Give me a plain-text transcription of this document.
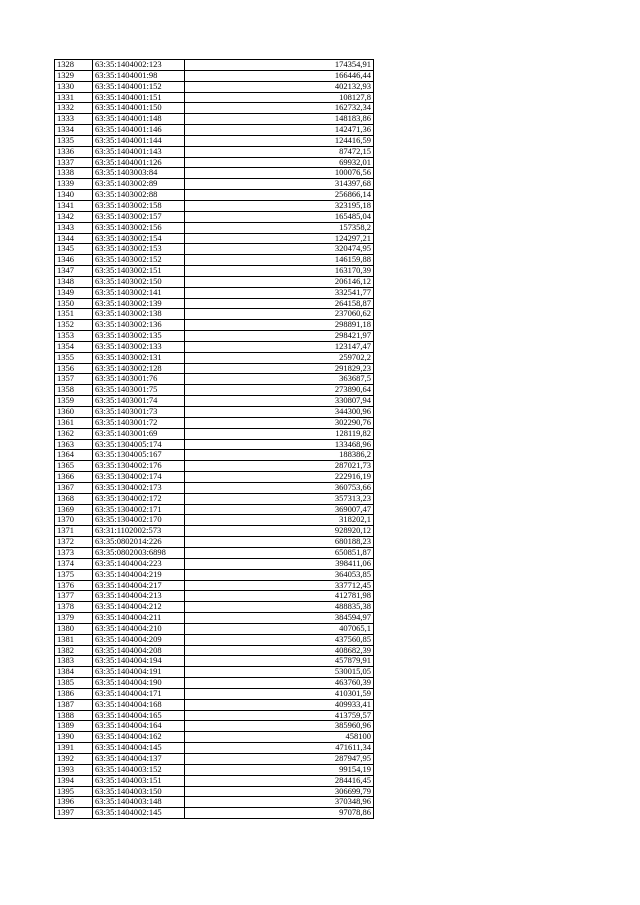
1328	63:35:1404002:123	174354,91
1329	63:35:1404001:98	166446,44
1330	63:35:1404001:152	402132,93
1331	63:35:1404001:151	108127,8
1332	63:35:1404001:150	162732,34
1333	63:35:1404001:148	148183,86
1334	63:35:1404001:146	142471,36
1335	63:35:1404001:144	124416,59
1336	63:35:1404001:143	87472,15
1337	63:35:1404001:126	69932,01
1338	63:35:1403003:84	100076,56
1339	63:35:1403002:89	314397,68
1340	63:35:1403002:88	256866,14
1341	63:35:1403002:158	323195,18
1342	63:35:1403002:157	165485,04
1343	63:35:1403002:156	157358,2
1344	63:35:1403002:154	124297,21
1345	63:35:1403002:153	320474,95
1346	63:35:1403002:152	146159,88
1347	63:35:1403002:151	163170,39
1348	63:35:1403002:150	206146,12
1349	63:35:1403002:141	332541,77
1350	63:35:1403002:139	264158,87
1351	63:35:1403002:138	237060,62
1352	63:35:1403002:136	298891,18
1353	63:35:1403002:135	298421,97
1354	63:35:1403002:133	123147,47
1355	63:35:1403002:131	259702,2
1356	63:35:1403002:128	291829,23
1357	63:35:1403001:76	363687,5
1358	63:35:1403001:75	273890,64
1359	63:35:1403001:74	330807,94
1360	63:35:1403001:73	344300,96
1361	63:35:1403001:72	302290,76
1362	63:35:1403001:69	128119,82
1363	63:35:1304005:174	133468,96
1364	63:35:1304005:167	188386,2
1365	63:35:1304002:176	287021,73
1366	63:35:1304002:174	222916,19
1367	63:35:1304002:173	360753,66
1368	63:35:1304002:172	357313,23
1369	63:35:1304002:171	369007,47
1370	63:35:1304002:170	318202,1
1371	63:31:1102002:573	928920,12
1372	63:35:0802014:226	680188,23
1373	63:35:0802003:6898	650851,87
1374	63:35:1404004:223	398411,06
1375	63:35:1404004:219	364053,85
1376	63:35:1404004:217	337712,45
1377	63:35:1404004:213	412781,98
1378	63:35:1404004:212	488835,38
1379	63:35:1404004:211	384594,97
1380	63:35:1404004:210	407065,1
1381	63:35:1404004:209	437560,85
1382	63:35:1404004:208	408682,39
1383	63:35:1404004:194	457879,91
1384	63:35:1404004:191	530015,05
1385	63:35:1404004:190	463760,39
1386	63:35:1404004:171	410301,59
1387	63:35:1404004:168	409933,41
1388	63:35:1404004:165	413759,57
1389	63:35:1404004:164	385960,96
1390	63:35:1404004:162	458100
1391	63:35:1404004:145	471611,34
1392	63:35:1404004:137	287947,95
1393	63:35:1404003:152	99154,19
1394	63:35:1404003:151	284416,45
1395	63:35:1404003:150	306699,79
1396	63:35:1404003:148	370348,96
1397	63:35:1404002:145	97078,86
